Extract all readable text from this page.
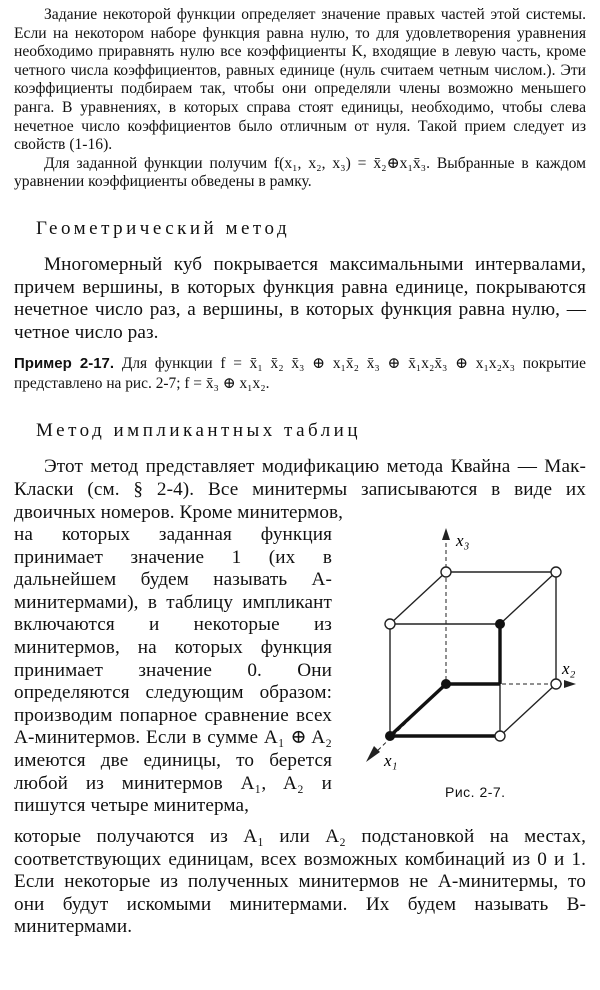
Задание некоторой функции определяет значение правых частей этой системы. Если на некотором наборе функция равна нулю, то для удовлетворения уравнения необходимо приравнять нулю все коэффициенты K, входящие в левую часть, кроме четного числа коэффициентов, равных единице (нуль считаем четным числом.). Эти коэффициенты подбираем так, чтобы они определяли члены возможно меньшего ранга. В уравнениях, в которых справа стоят единицы, необходимо, чтобы слева нечетное число коэффициентов было отличным от нуля. Такой прием следует из свойств (1-16).

Для заданной функции получим f(x₁, x₂, x₃) = x̄₂⊕x₁x̄₃. Выбранные в каждом уравнении коэффициенты обведены в рамку.

Геометрический метод

Многомерный куб покрывается максимальными интервалами, причем вершины, в которых функция равна единице, покрываются нечетное число раз, а вершины, в которых функция равна нулю, — четное число раз.

Пример 2-17. Для функции f = x̄₁ x̄₂ x̄₃ ⊕ x₁x̄₂ x̄₃ ⊕ x̄₁x₂x̄₃ ⊕ x₁x₂x₃ покрытие представлено на рис. 2-7; f = x̄₃ ⊕ x₁x₂.

Метод импликантных таблиц

Этот метод представляет модификацию метода Квайна — Мак-Класки (см. § 2-4). Все минитермы записываются в виде их двоичных номеров. Кроме минитермов,

на которых заданная функция принимает значение 1 (их в дальнейшем будем называть A-минитермами), в таблицу импликант включаются и некоторые из минитермов, на которых функция принимает значение 0. Они определяются следующим образом: производим попарное сравнение всех A-минитермов. Если в сумме A₁ ⊕ A₂ имеются две единицы, то берется любой из минитермов A₁, A₂ и пишутся четыре минитерма,

x₃
x₂
x₁
Рис. 2-7.

которые получаются из A₁ или A₂ подстановкой на местах, соответствующих единицам, всех возможных комбинаций из 0 и 1. Если некоторые из полученных минитермов не A-минитермы, то они будут искомыми минитермами. Их будем называть B-минитермами.
